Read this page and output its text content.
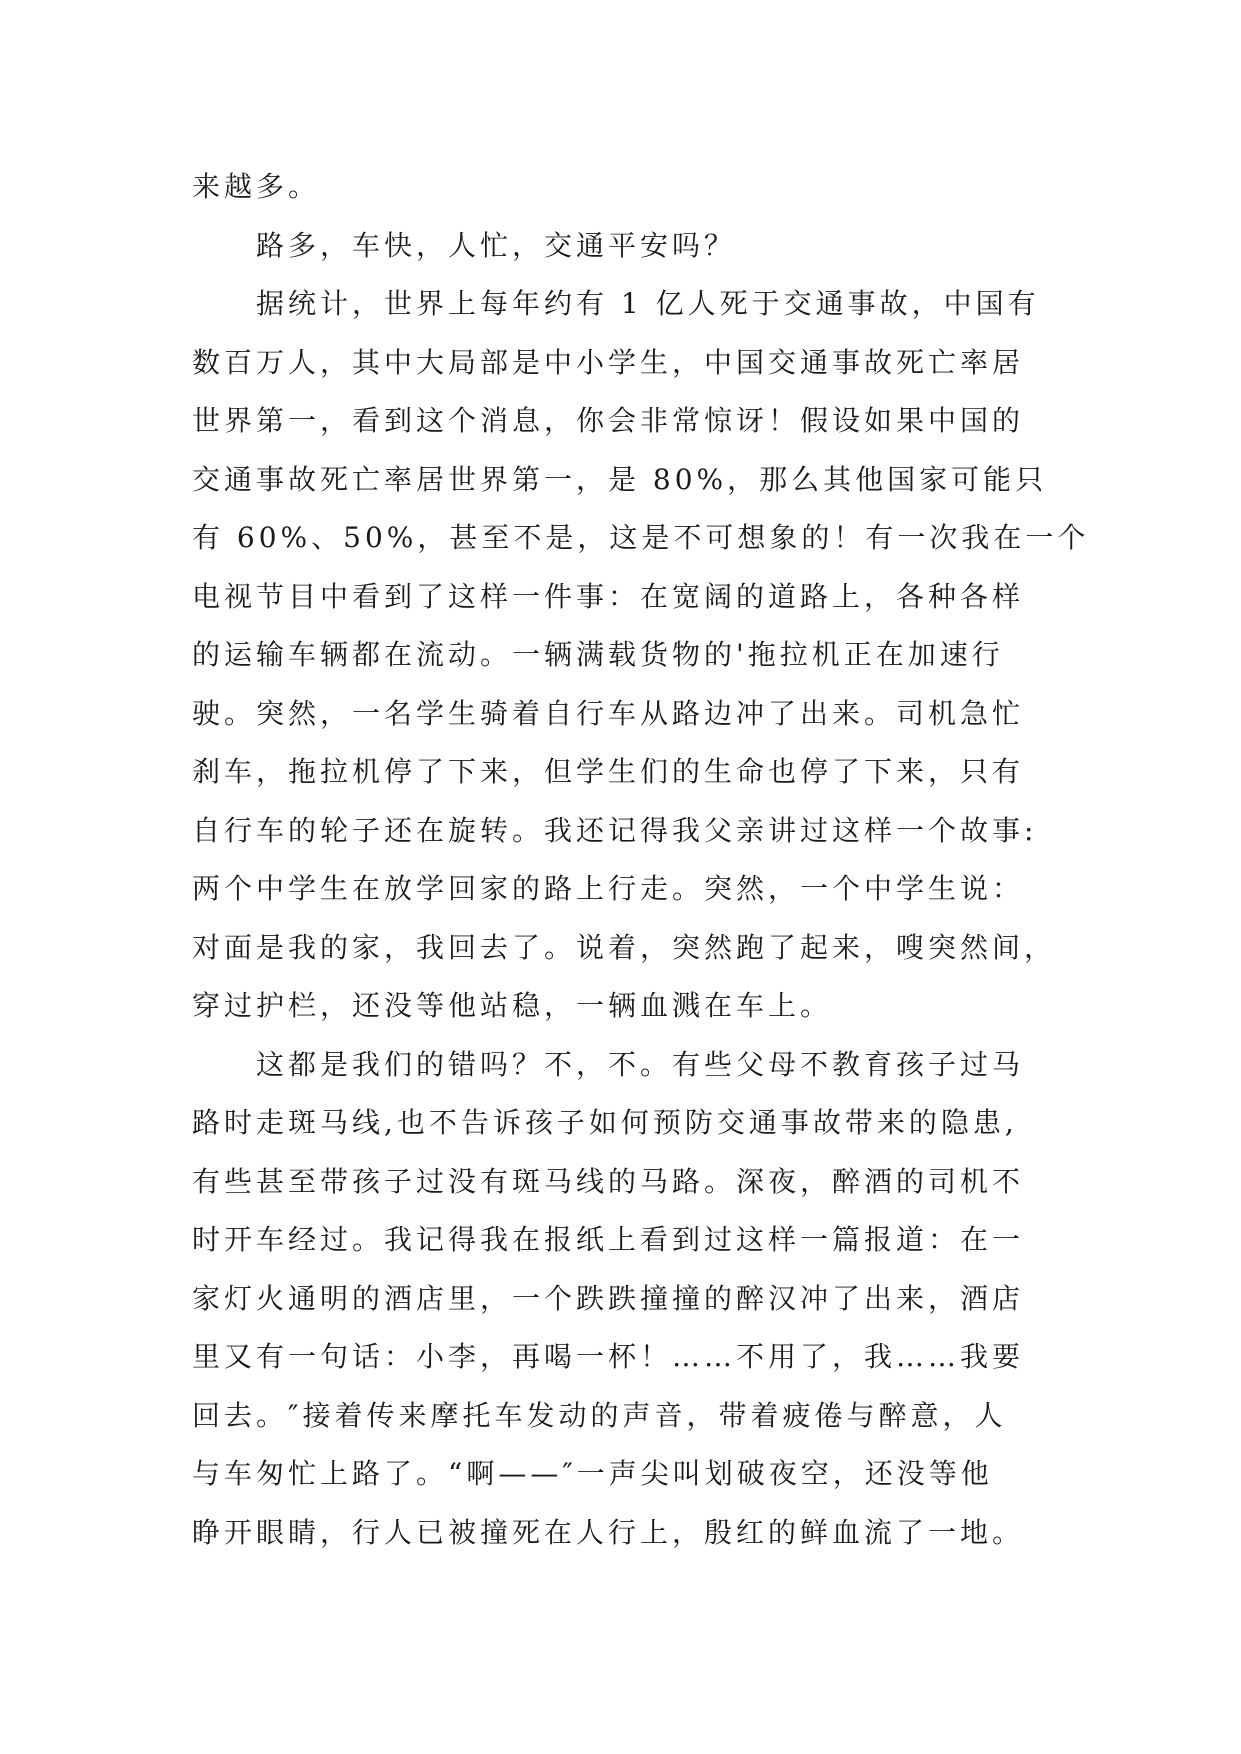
来越多。
路多，车快，人忙，交通平安吗？
据统计，世界上每年约有 1 亿人死于交通事故，中国有
数百万人，其中大局部是中小学生，中国交通事故死亡率居
世界第一，看到这个消息，你会非常惊讶！假设如果中国的
交通事故死亡率居世界第一，是 80%，那么其他国家可能只
有 60%、50%，甚至不是，这是不可想象的！有一次我在一个
电视节目中看到了这样一件事：在宽阔的道路上，各种各样
的运输车辆都在流动。一辆满载货物的'拖拉机正在加速行
驶。突然，一名学生骑着自行车从路边冲了出来。司机急忙
刹车，拖拉机停了下来，但学生们的生命也停了下来，只有
自行车的轮子还在旋转。我还记得我父亲讲过这样一个故事:
两个中学生在放学回家的路上行走。突然，一个中学生说：
对面是我的家，我回去了。说着，突然跑了起来，嗖突然间，
穿过护栏，还没等他站稳，一辆血溅在车上。
这都是我们的错吗？不，不。有些父母不教育孩子过马
路时走斑马线,也不告诉孩子如何预防交通事故带来的隐患,
有些甚至带孩子过没有斑马线的马路。深夜，醉酒的司机不
时开车经过。我记得我在报纸上看到过这样一篇报道：在一
家灯火通明的酒店里，一个跌跌撞撞的醉汉冲了出来，酒店
里又有一句话：小李，再喝一杯！……不用了，我……我要
回去。″接着传来摩托车发动的声音，带着疲倦与醉意，人
与车匆忙上路了。“啊——″一声尖叫划破夜空，还没等他
睁开眼睛，行人已被撞死在人行上，殷红的鲜血流了一地。
